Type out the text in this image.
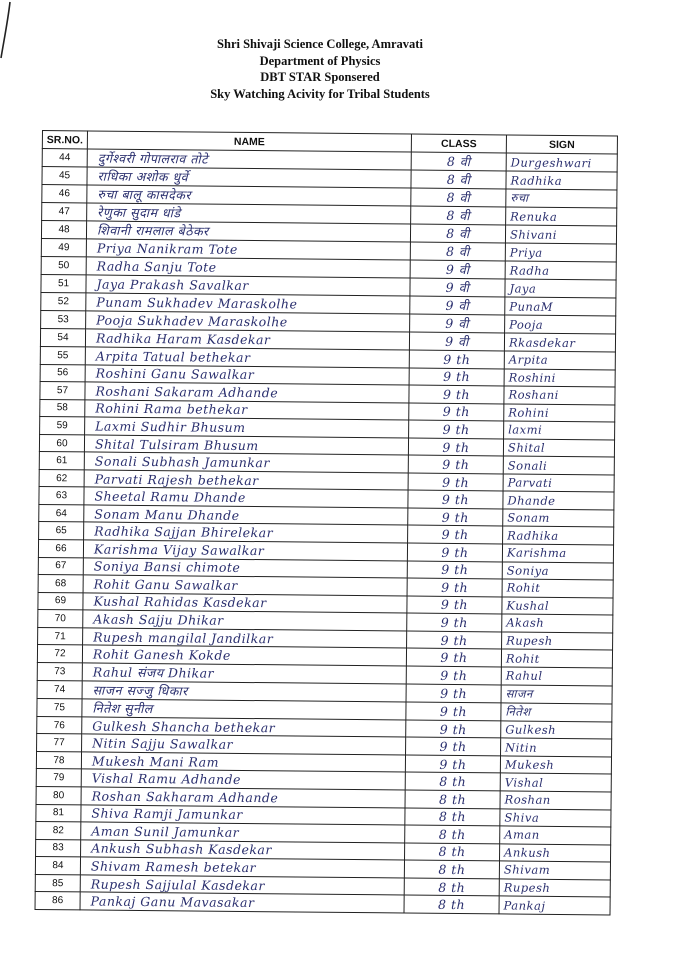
Shri Shivaji Science College, Amravati
Department of Physics
DBT STAR Sponsered
Sky Watching Acivity for Tribal Students
SR.NO.	NAME	CLASS	SIGN
44	दुर्गेश्वरी गोपालराव तोटे	8 वी	Durgeshwari
45	राधिका अशोक धुर्वे	8 वी	Radhika
46	रुचा बालू कासदेकर	8 वी	रुचा
47	रेणुका सुदाम धांडे	8 वी	Renuka
48	शिवानी रामलाल बेठेकर	8 वी	Shivani
49	Priya Nanikram Tote	8 वी	Priya
50	Radha Sanju Tote	9 वी	Radha
51	Jaya Prakash Savalkar	9 वी	Jaya
52	Punam Sukhadev Maraskolhe	9 वी	PunaM
53	Pooja Sukhadev Maraskolhe	9 वी	Pooja
54	Radhika Haram Kasdekar	9 वी	Rkasdekar
55	Arpita Tatual bethekar	9 th	Arpita
56	Roshini Ganu Sawalkar	9 th	Roshini
57	Roshani Sakaram Adhande	9 th	Roshani
58	Rohini Rama bethekar	9 th	Rohini
59	Laxmi Sudhir Bhusum	9 th	laxmi
60	Shital Tulsiram Bhusum	9 th	Shital
61	Sonali Subhash Jamunkar	9 th	Sonali
62	Parvati Rajesh bethekar	9 th	Parvati
63	Sheetal Ramu Dhande	9 th	Dhande
64	Sonam Manu Dhande	9 th	Sonam
65	Radhika Sajjan Bhirelekar	9 th	Radhika
66	Karishma Vijay Sawalkar	9 th	Karishma
67	Soniya Bansi chimote	9 th	Soniya
68	Rohit Ganu Sawalkar	9 th	Rohit
69	Kushal Rahidas Kasdekar	9 th	Kushal
70	Akash Sajju Dhikar	9 th	Akash
71	Rupesh mangilal Jandilkar	9 th	Rupesh
72	Rohit Ganesh Kokde	9 th	Rohit
73	Rahul संजय Dhikar	9 th	Rahul
74	साजन सज्जु धिकार	9 th	साजन
75	नितेश सुनील	9 th	नितेश
76	Gulkesh Shancha bethekar	9 th	Gulkesh
77	Nitin Sajju Sawalkar	9 th	Nitin
78	Mukesh Mani Ram	9 th	Mukesh
79	Vishal Ramu Adhande	8 th	Vishal
80	Roshan Sakharam Adhande	8 th	Roshan
81	Shiva Ramji Jamunkar	8 th	Shiva
82	Aman Sunil Jamunkar	8 th	Aman
83	Ankush Subhash Kasdekar	8 th	Ankush
84	Shivam Ramesh betekar	8 th	Shivam
85	Rupesh Sajjulal Kasdekar	8 th	Rupesh
86	Pankaj Ganu Mavasakar	8 th	Pankaj
